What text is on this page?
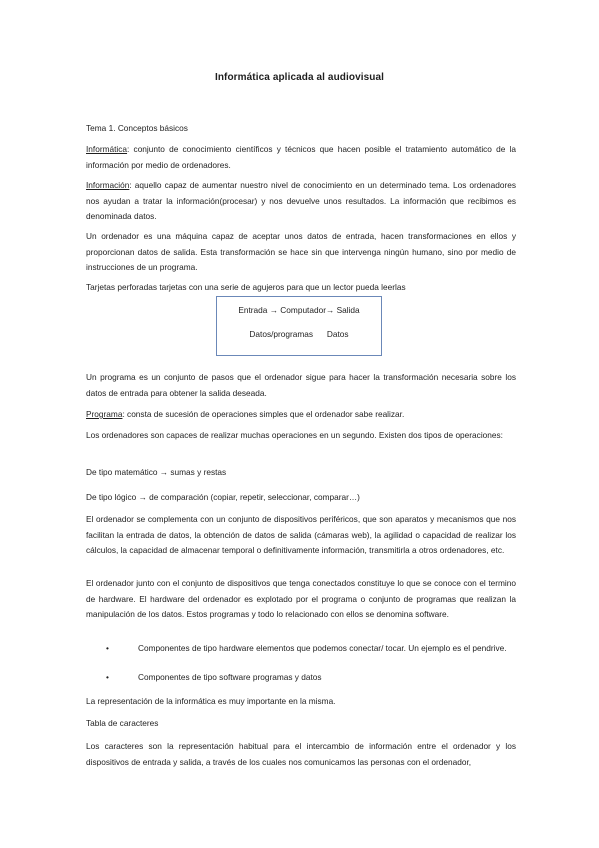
Informática aplicada al audiovisual

Tema 1. Conceptos básicos

Informática: conjunto de conocimiento científicos y técnicos que hacen posible el tratamiento automático de la información por medio de ordenadores.

Información: aquello capaz de aumentar nuestro nivel de conocimiento en un determinado tema. Los ordenadores nos ayudan a tratar la información(procesar) y nos devuelve unos resultados. La información que recibimos es denominada datos.

Un ordenador es una máquina capaz de aceptar unos datos de entrada, hacen transformaciones en ellos y proporcionan datos de salida. Esta transformación se hace sin que intervenga ningún humano, sino por medio de instrucciones de un programa.

Tarjetas perforadas tarjetas con una serie de agujeros para que un lector pueda leerlas

Entrada → Computador→ Salida
Datos/programas      Datos

Un programa es un conjunto de pasos que el ordenador sigue para hacer la transformación necesaria sobre los datos de entrada para obtener la salida deseada.

Programa: consta de sucesión de operaciones simples que el ordenador sabe realizar.

Los ordenadores son capaces de realizar muchas operaciones en un segundo. Existen dos tipos de operaciones:

De tipo matemático → sumas y restas

De tipo lógico → de comparación (copiar, repetir, seleccionar, comparar…)

El ordenador se complementa con un conjunto de dispositivos periféricos, que son aparatos y mecanismos que nos facilitan la entrada de datos, la obtención de datos de salida (cámaras web), la agilidad o capacidad de realizar los cálculos, la capacidad de almacenar temporal o definitivamente información, transmitirla a otros ordenadores, etc.

El ordenador junto con el conjunto de dispositivos que tenga conectados constituye lo que se conoce con el termino de hardware. El hardware del ordenador es explotado por el programa o conjunto de programas que realizan la manipulación de los datos. Estos programas y todo lo relacionado con ellos se denomina software.

•	Componentes de tipo hardware elementos que podemos conectar/ tocar. Un ejemplo es el pendrive.
•	Componentes de tipo software programas y datos

La representación de la informática es muy importante en la misma.

Tabla de caracteres

Los caracteres son la representación habitual para el intercambio de información entre el ordenador y los dispositivos de entrada y salida, a través de los cuales nos comunicamos las personas con el ordenador,
